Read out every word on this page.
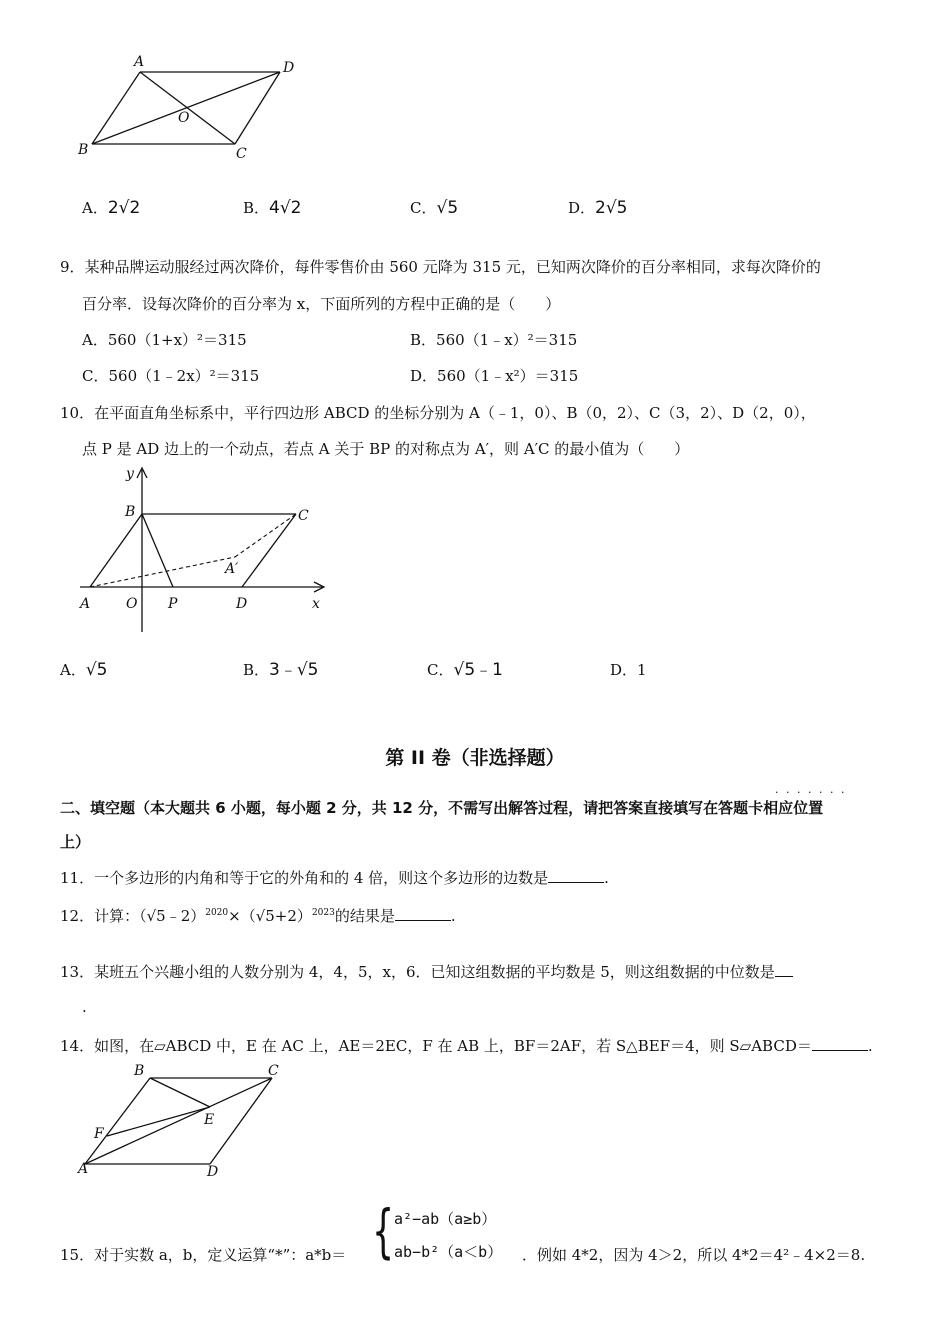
A	D
O
B	C
A．2√2	B．4√2	C．√5	D．2√5
9．某种品牌运动服经过两次降价，每件零售价由 560 元降为 315 元，已知两次降价的百分率相同，求每次降价的
百分率．设每次降价的百分率为 x，下面所列的方程中正确的是（　　）
A．560（1+x）²＝315	B．560（1﹣x）²＝315
C．560（1﹣2x）²＝315	D．560（1﹣x²）＝315
10．在平面直角坐标系中，平行四边形 ABCD 的坐标分别为 A（﹣1，0）、B（0，2）、C（3，2）、D（2，0），
点 P 是 AD 边上的一个动点，若点 A 关于 BP 的对称点为 A′，则 A′C 的最小值为（　　）
y
B	C
A′
A	O P	D	x
A．√5	B．3﹣√5	C．√5﹣1	D．1
第 II 卷（非选择题）
二、填空题（本大题共 6 小题，每小题 2 分，共 12 分，不需写出解答过程，请把答案直接填写在答题卡相应位置
· · · · · · ·
上）
11．一个多边形的内角和等于它的外角和的 4 倍，则这个多边形的边数是	.
12．计算：$(√5﹣2)^{2020}\times(√5+2)^{2023}$的结果是	.
13．某班五个兴趣小组的人数分别为 4，4，5，x，6．已知这组数据的平均数是 5，则这组数据的中位数是
.
14．如图，在▱ABCD 中，E 在 AC 上，AE＝2EC，F 在 AB 上，BF＝2AF，若 S△BEF＝4，则 S▱ABCD＝	.
B	C
E
F
A	D
{ a²−ab（a≥b）
ab−b²（a＜b）
15．对于实数 a，b，定义运算“*”：a*b＝	．例如 4*2，因为 4＞2，所以 4*2＝4²﹣4×2＝8.
